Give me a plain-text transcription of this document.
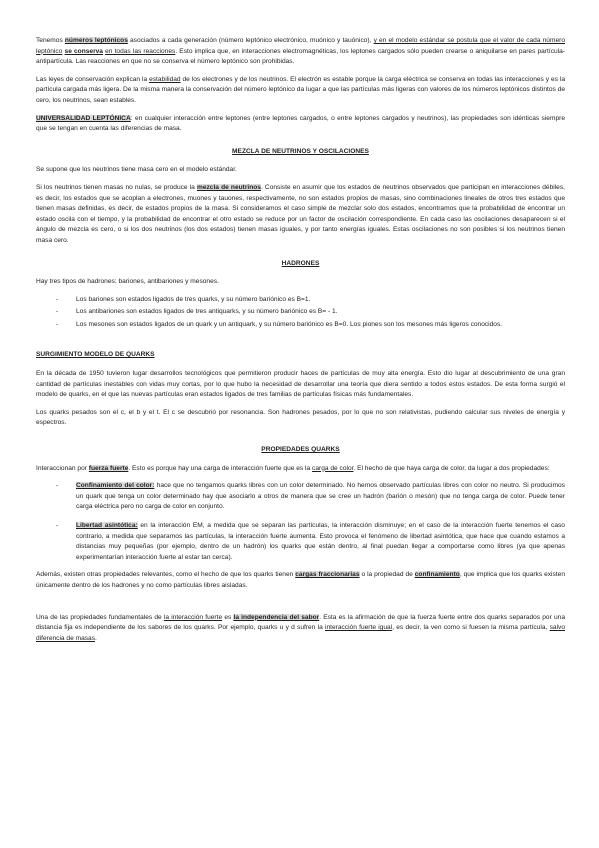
Tenemos números leptónicos asociados a cada generación (número leptónico electrónico, muónico y tauónico), y en el modelo estándar se postula que el valor de cada número leptónico se conserva en todas las reacciones. Esto implica que, en interacciones electromagnéticas, los leptones cargados sólo pueden crearse o aniquilarse en pares partícula-antipartícula. Las reacciones en que no se conserva el número leptónico son prohibidas.

Las leyes de conservación explican la estabilidad de los electrones y de los neutrinos. El electrón es estable porque la carga eléctrica se conserva en todas las interacciones y es la partícula cargada más ligera. De la misma manera la conservación del número leptónico da lugar a que las partículas más ligeras con valores de los números leptónicos distintos de cero, los neutrinos, sean estables.

UNIVERSALIDAD LEPTÓNICA: en cualquier interacción entre leptones (entre leptones cargados, o entre leptones cargados y neutrinos), las propiedades son idénticas siempre que se tengan en cuenta las diferencias de masa.

MEZCLA DE NEUTRINOS Y OSCILACIONES

Se supone que los neutrinos tiene masa cero en el modelo estándar.

Si los neutrinos tienen masas no nulas, se produce la mezcla de neutrinos. Consiste en asumir que los estados de neutrinos observados que participan en interacciones débiles, es decir, los estados que se acoplan a electrones, muones y tauones, respectivamente, no son estados propios de masas, sino combinaciones lineales de otros tres estados que tienen masas definidas, es decir, de estados propios de la masa. Si consideramos el caso simple de mezclar solo dos estados, encontramos que la probabilidad de encontrar un estado oscila con el tiempo, y la probabilidad de encontrar el otro estado se reduce por un factor de oscilación correspondiente. En cada caso las oscilaciones desaparecen si el ángulo de mezcla es cero, o si los dos neutrinos (los dos estados) tienen masas iguales, y por tanto energías iguales. Estas oscilaciones no son posibles si los neutrinos tienen masa cero.

HADRONES

Hay tres tipos de hadrones: bariones, antibariones y mesones.

- Los bariones son estados ligados de tres quarks, y su número bariónico es B=1.
- Los antibariones son estados ligados de tres antiquarks, y su número bariónico es B= - 1.
- Los mesones son estados ligados de un quark y un antiquark, y su número bariónico es B=0. Los piones son los mesones más ligeros conocidos.
SURGIMIENTO MODELO DE QUARKS

En la década de 1950 tuvieron lugar desarrollos tecnológicos que permitieron producir haces de partículas de muy alta energía. Esto dio lugar al descubrimiento de una gran cantidad de partículas inestables con vidas muy cortas, por lo que hubo la necesidad de desarrollar una teoría que diera sentido a todos estos estados. De esta forma surgió el modelo de quarks, en el que las nuevas partículas eran estados ligados de tres familias de partículas físicas más fundamentales.

Los quarks pesados son el c, el b y el t. El c se descubrió por resonancia. Son hadrones pesados, por lo que no son relativistas, pudiendo calcular sus niveles de energía y espectros.

PROPIEDADES QUARKS

Interaccionan por fuerza fuerte. Esto es porque hay una carga de interacción fuerte que es la carga de color. El hecho de que haya carga de color, da lugar a dos propiedades:

- Confinamiento del color: hace que no tengamos quarks libres con un color determinado. No hemos observado partículas libres con color no neutro. Si producimos un quark que tenga un color determinado hay que asociarlo a otros de manera que se cree un hadrón (barión o mesón) que no tenga carga de color. Puede tener carga eléctrica pero no carga de color en conjunto.
- Libertad asintótica: en la interacción EM, a medida que se separan las partículas, la interacción disminuye; en el caso de la interacción fuerte tenemos el caso contrario, a medida que separamos las partículas, la interacción fuerte aumenta. Esto provoca el fenómeno de libertad asintótica, que hace que cuando estamos a distancias muy pequeñas (por ejemplo, dentro de un hadrón) los quarks que están dentro, al final puedan llegar a comportarse como libres (ya que apenas experimentarían interacción fuerte al estar tan cerca).

Además, existen otras propiedades relevantes, como el hecho de que los quarks tienen cargas fraccionarias o la propiedad de confinamiento, que implica que los quarks existen únicamente dentro de los hadrones y no como partículas libres aisladas.

Una de las propiedades fundamentales de la interacción fuerte es la independencia del sabor. Esta es la afirmación de que la fuerza fuerte entre dos quarks separados por una distancia fija es independiente de los sabores de los quarks. Por ejemplo, quarks u y d sufren la interacción fuerte igual, es decir, la ven como si fuesen la misma partícula, salvo diferencia de masas.
